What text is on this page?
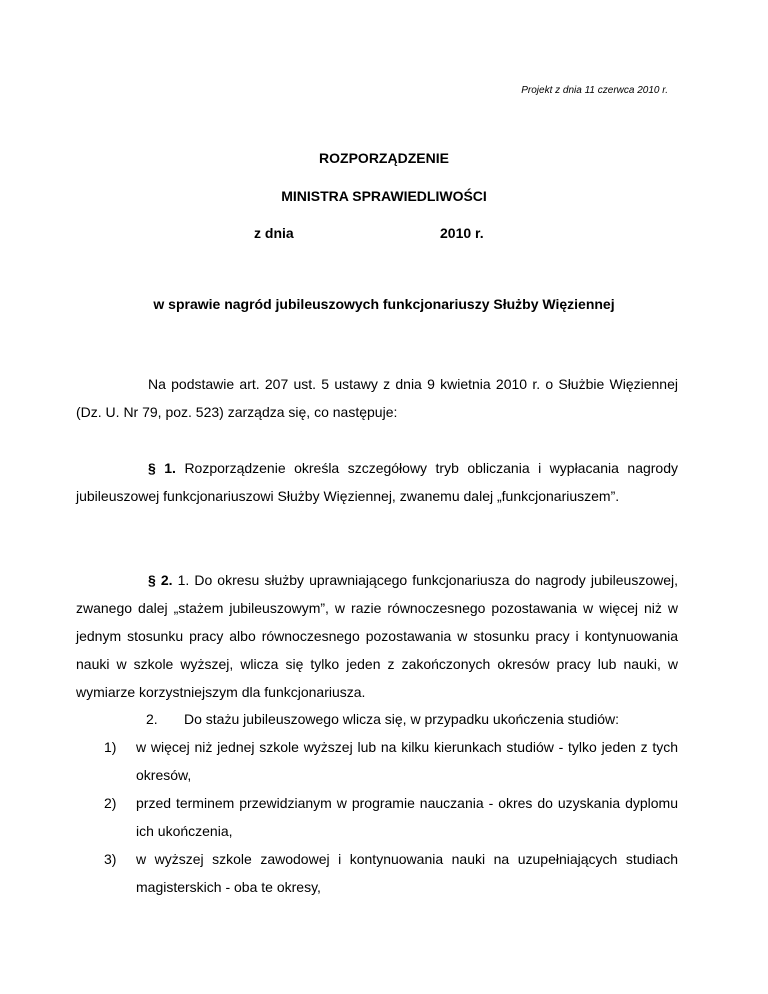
Projekt z dnia 11 czerwca 2010 r.

ROZPORZĄDZENIE

MINISTRA SPRAWIEDLIWOŚCI

z dnia	2010 r.

w sprawie nagród jubileuszowych funkcjonariuszy Służby Więziennej

Na podstawie art. 207 ust. 5 ustawy z dnia 9 kwietnia 2010 r. o Służbie Więziennej (Dz. U. Nr 79, poz. 523) zarządza się, co następuje:

§ 1. Rozporządzenie określa szczegółowy tryb obliczania i wypłacania nagrody jubileuszowej funkcjonariuszowi Służby Więziennej, zwanemu dalej „funkcjonariuszem”.

§ 2. 1. Do okresu służby uprawniającego funkcjonariusza do nagrody jubileuszowej, zwanego dalej „stażem jubileuszowym”, w razie równoczesnego pozostawania w więcej niż w jednym stosunku pracy albo równoczesnego pozostawania w stosunku pracy i kontynuowania nauki w szkole wyższej, wlicza się tylko jeden z zakończonych okresów pracy lub nauki, w wymiarze korzystniejszym dla funkcjonariusza.

2. Do stażu jubileuszowego wlicza się, w przypadku ukończenia studiów:

1) w więcej niż jednej szkole wyższej lub na kilku kierunkach studiów - tylko jeden z tych okresów,
2) przed terminem przewidzianym w programie nauczania - okres do uzyskania dyplomu ich ukończenia,
3) w wyższej szkole zawodowej i kontynuowania nauki na uzupełniających studiach magisterskich - oba te okresy,
